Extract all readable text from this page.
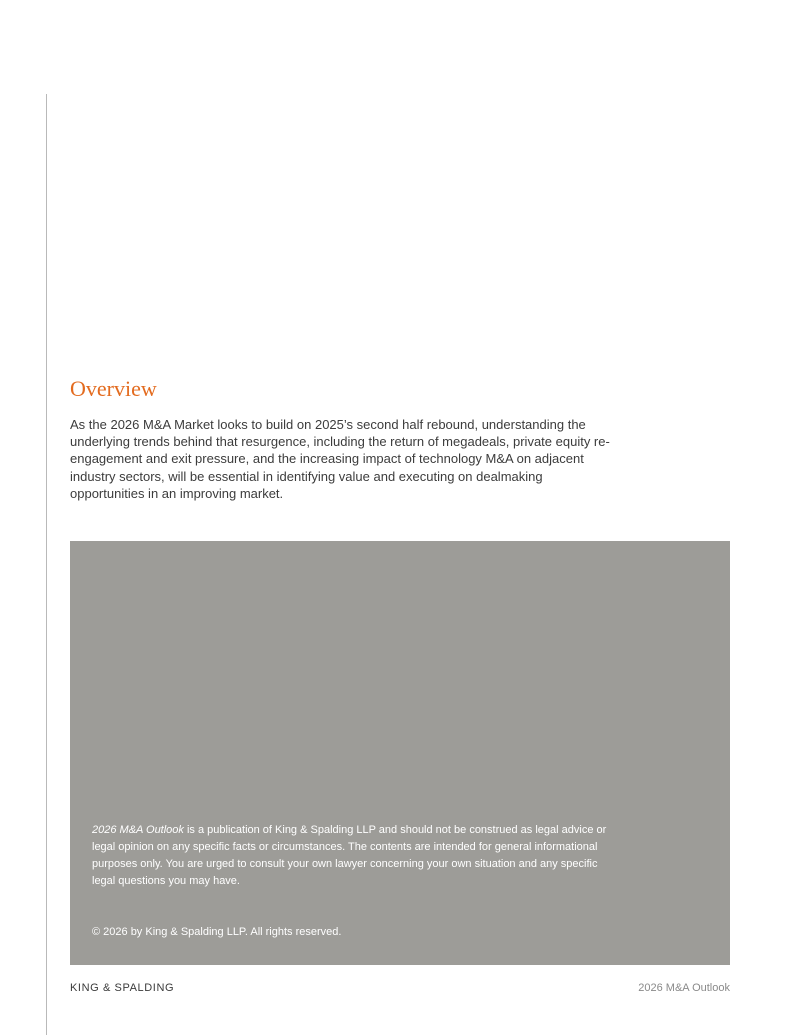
Overview

As the 2026 M&A Market looks to build on 2025’s second half rebound, understanding the underlying trends behind that resurgence, including the return of megadeals, private equity re-engagement and exit pressure, and the increasing impact of technology M&A on adjacent industry sectors, will be essential in identifying value and executing on dealmaking opportunities in an improving market.

2026 M&A Outlook is a publication of King & Spalding LLP and should not be construed as legal advice or legal opinion on any specific facts or circumstances. The contents are intended for general informational purposes only. You are urged to consult your own lawyer concerning your own situation and any specific legal questions you may have.

© 2026 by King & Spalding LLP. All rights reserved.

KING & SPALDING	2026 M&A Outlook
